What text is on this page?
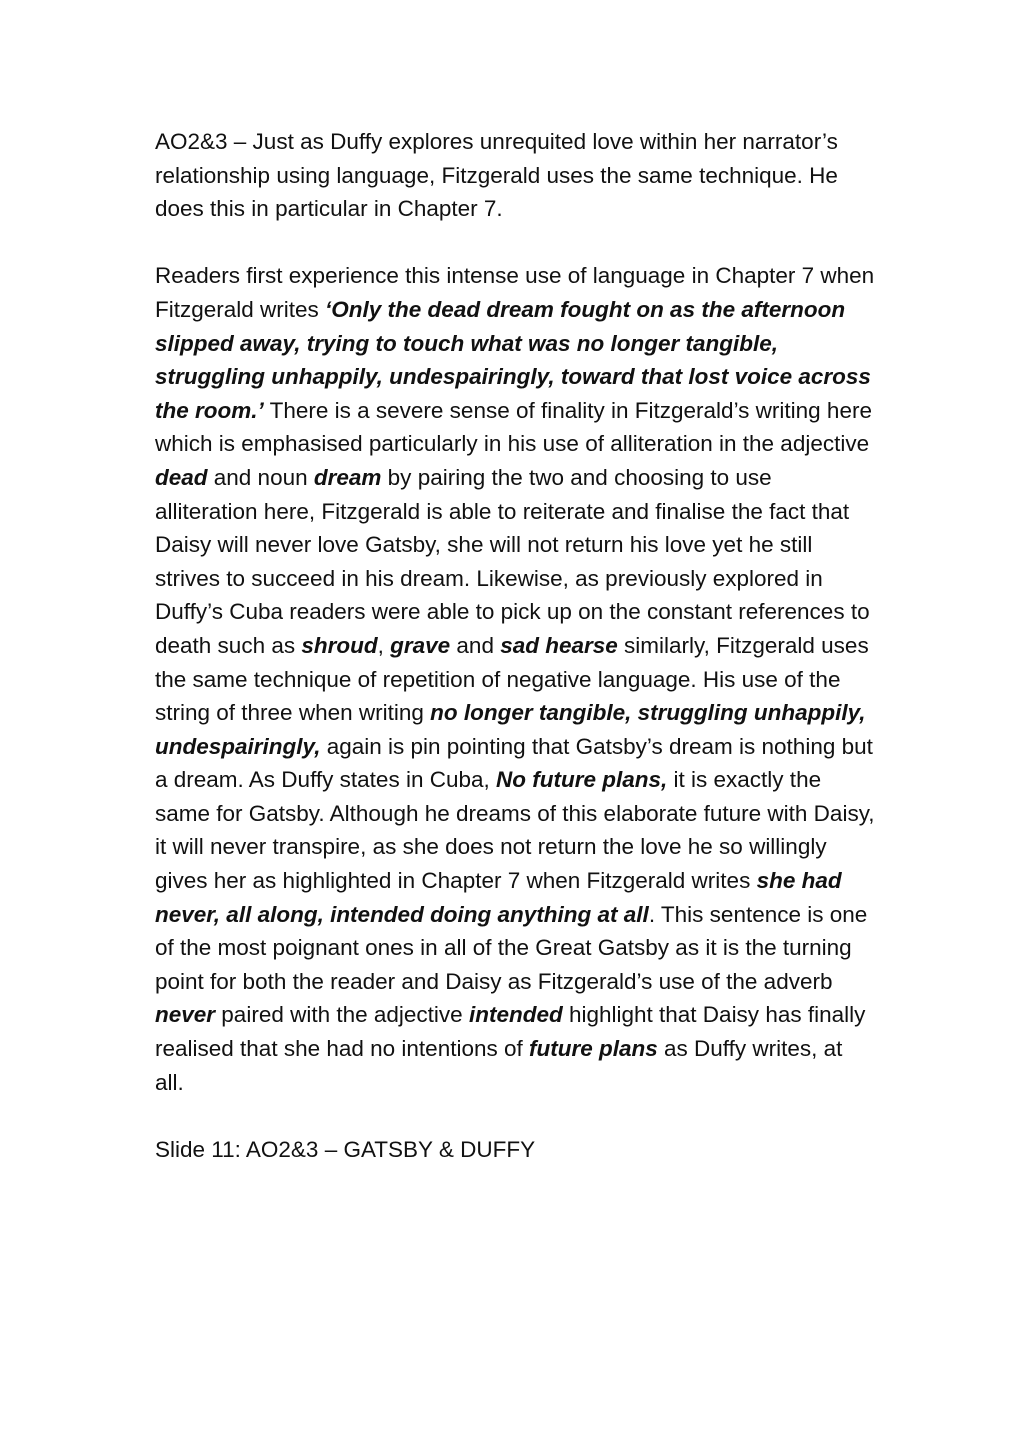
AO2&3 – Just as Duffy explores unrequited love within her narrator’s relationship using language, Fitzgerald uses the same technique. He does this in particular in Chapter 7.

Readers first experience this intense use of language in Chapter 7 when Fitzgerald writes ‘Only the dead dream fought on as the afternoon slipped away, trying to touch what was no longer tangible, struggling unhappily, undespairingly, toward that lost voice across the room.’ There is a severe sense of finality in Fitzgerald’s writing here which is emphasised particularly in his use of alliteration in the adjective dead and noun dream by pairing the two and choosing to use alliteration here, Fitzgerald is able to reiterate and finalise the fact that Daisy will never love Gatsby, she will not return his love yet he still strives to succeed in his dream. Likewise, as previously explored in Duffy’s Cuba readers were able to pick up on the constant references to death such as shroud, grave and sad hearse similarly, Fitzgerald uses the same technique of repetition of negative language. His use of the string of three when writing no longer tangible, struggling unhappily, undespairingly, again is pin pointing that Gatsby’s dream is nothing but a dream. As Duffy states in Cuba, No future plans, it is exactly the same for Gatsby. Although he dreams of this elaborate future with Daisy, it will never transpire, as she does not return the love he so willingly gives her as highlighted in Chapter 7 when Fitzgerald writes she had never, all along, intended doing anything at all. This sentence is one of the most poignant ones in all of the Great Gatsby as it is the turning point for both the reader and Daisy as Fitzgerald’s use of the adverb never paired with the adjective intended highlight that Daisy has finally realised that she had no intentions of future plans as Duffy writes, at all.

Slide 11: AO2&3 – GATSBY & DUFFY
